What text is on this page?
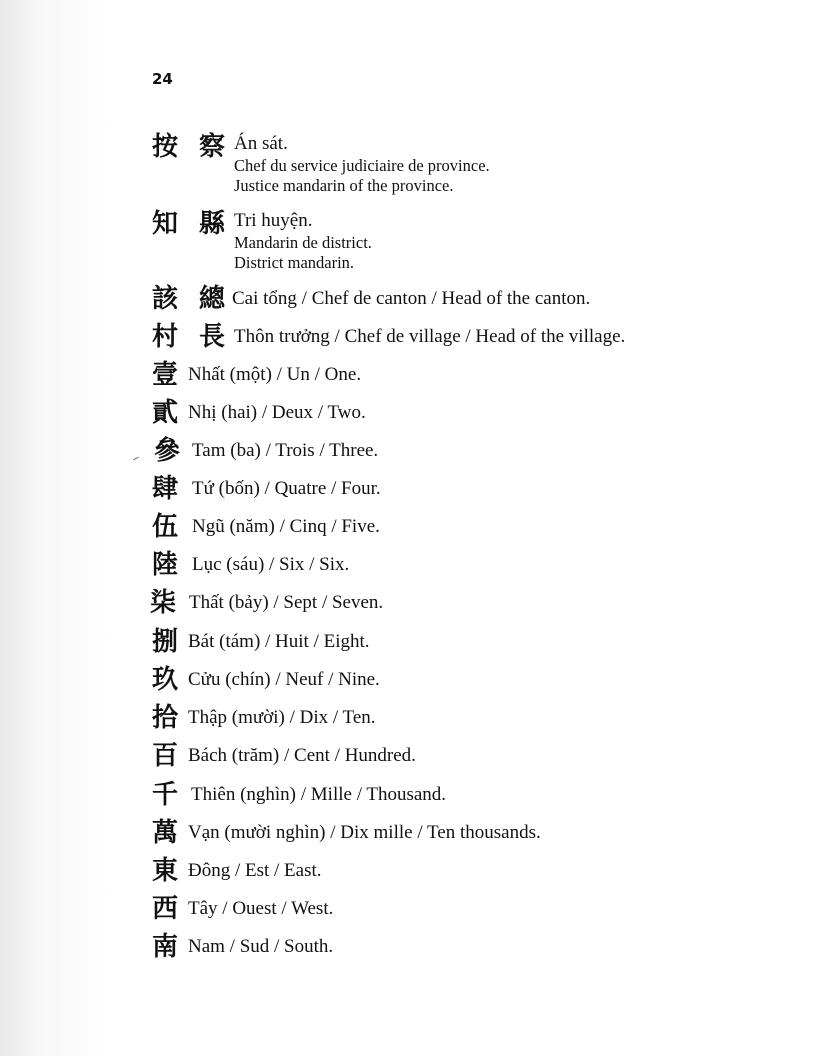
24
按 察 Án sát.
Chef du service judiciaire de province.
Justice mandarin of the province.
知 縣 Tri huyện.
Mandarin de district.
District mandarin.
該 總 Cai tổng / Chef de canton / Head of the canton.
村 長 Thôn trưởng / Chef de village / Head of the village.
壹 Nhất (một) / Un / One.
貳 Nhị (hai) / Deux / Two.
參 Tam (ba) / Trois / Three.
肆 Tứ (bốn) / Quatre / Four.
伍 Ngũ (năm) / Cinq / Five.
陸 Lục (sáu) / Six / Six.
柒 Thất (bảy) / Sept / Seven.
捌 Bát (tám) / Huit / Eight.
玖 Cửu (chín) / Neuf / Nine.
拾 Thập (mười) / Dix / Ten.
百 Bách (trăm) / Cent / Hundred.
千 Thiên (nghìn) / Mille / Thousand.
萬 Vạn (mười nghìn) / Dix mille / Ten thousands.
東 Đông / Est / East.
西 Tây / Ouest / West.
南 Nam / Sud / South.
